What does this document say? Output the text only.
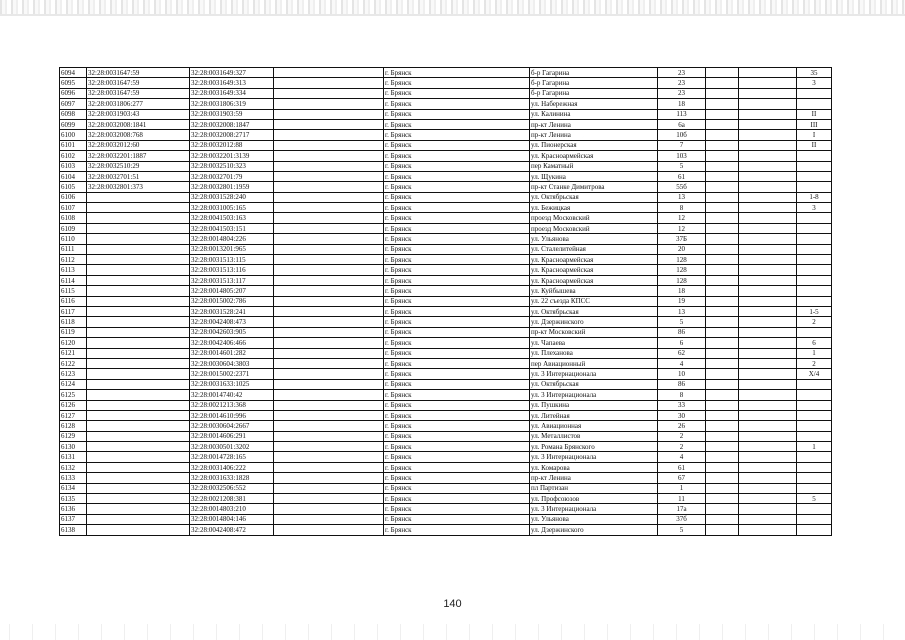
6094	32:28:0031647:59	32:28:0031649:327		г. Брянск	б-р Гагарина	23			35
6095	32:28:0031647:59	32:28:0031649:313		г. Брянск	б-р Гагарина	23			3
6096	32:28:0031647:59	32:28:0031649:334		г. Брянск	б-р Гагарина	23			
6097	32:28:0031806:277	32:28:0031806:319		г. Брянск	ул. Набережная	18			
6098	32:28:0031903:43	32:28:0031903:59		г. Брянск	ул. Калинина	113			II
6099	32:28:0032008:1841	32:28:0032008:1847		г. Брянск	пр-кт Ленина	6а			III
6100	32:28:0032008:768	32:28:0032008:2717		г. Брянск	пр-кт Ленина	10б			I
6101	32:28:0032012:60	32:28:0032012:88		г. Брянск	ул. Пионерская	7			II
6102	32:28:0032201:1887	32:28:0032201:3139		г. Брянск	ул. Красноармейская	103			
6103	32:28:0032510:29	32:28:0032510:323		г. Брянск	пер Каматный	5			
6104	32:28:0032701:51	32:28:0032701:79		г. Брянск	ул. Щукина	61			
6105	32:28:0032801:373	32:28:0032801:1959		г. Брянск	пр-кт Станке Димитрова	55б			
6106		32:28:0031528:240		г. Брянск	ул. Октябрьская	13			1-8
6107		32:28:0031005:165		г. Брянск	ул. Бежицкая	8			3
6108		32:28:0041503:163		г. Брянск	проезд Московский	12			
6109		32:28:0041503:151		г. Брянск	проезд Московский	12			
6110		32:28:0014804:226		г. Брянск	ул. Ульянова	37Б			
6111		32:28:0013201:965		г. Брянск	ул. Сталелитейная	20			
6112		32:28:0031513:115		г. Брянск	ул. Красноармейская	128			
6113		32:28:0031513:116		г. Брянск	ул. Красноармейская	128			
6114		32:28:0031513:117		г. Брянск	ул. Красноармейская	128			
6115		32:28:0014805:207		г. Брянск	ул. Куйбышева	18			
6116		32:28:0015002:786		г. Брянск	ул. 22 съезда КПСС	19			
6117		32:28:0031528:241		г. Брянск	ул. Октябрьская	13			1-5
6118		32:28:0042408:473		г. Брянск	ул. Дзержинского	5			2
6119		32:28:0042603:905		г. Брянск	пр-кт Московский	86			
6120		32:28:0042406:466		г. Брянск	ул. Чапаева	6			6
6121		32:28:0014601:282		г. Брянск	ул. Плеханова	62			1
6122		32:28:0030604:3803		г. Брянск	пер Авиационный	4			2
6123		32:28:0015002:2371		г. Брянск	ул. 3 Интернационала	10			X/4
6124		32:28:0031633:1025		г. Брянск	ул. Октябрьская	86			
6125		32:28:0014740:42		г. Брянск	ул. 3 Интернационала	8			
6126		32:28:0021213:368		г. Брянск	ул. Пушкина	33			
6127		32:28:0014610:996		г. Брянск	ул. Литейная	30			
6128		32:28:0030604:2667		г. Брянск	ул. Авиационная	26			
6129		32:28:0014606:291		г. Брянск	ул. Металлистов	2			
6130		32:28:0030501:3202		г. Брянск	ул. Романа Брянского	2			1
6131		32:28:0014728:165		г. Брянск	ул. 3 Интернационала	4			
6132		32:28:0031406:222		г. Брянск	ул. Комарова	61			
6133		32:28:0031633:1828		г. Брянск	пр-кт Ленина	67			
6134		32:28:0032506:552		г. Брянск	пл Партизан	1			
6135		32:28:0021208:381		г. Брянск	ул. Профсоюзов	11			5
6136		32:28:0014803:210		г. Брянск	ул. 3 Интернационала	17а			
6137		32:28:0014804:146		г. Брянск	ул. Ульянова	37б			
6138		32:28:0042408:472		г. Брянск	ул. Дзержинского	5			
140
